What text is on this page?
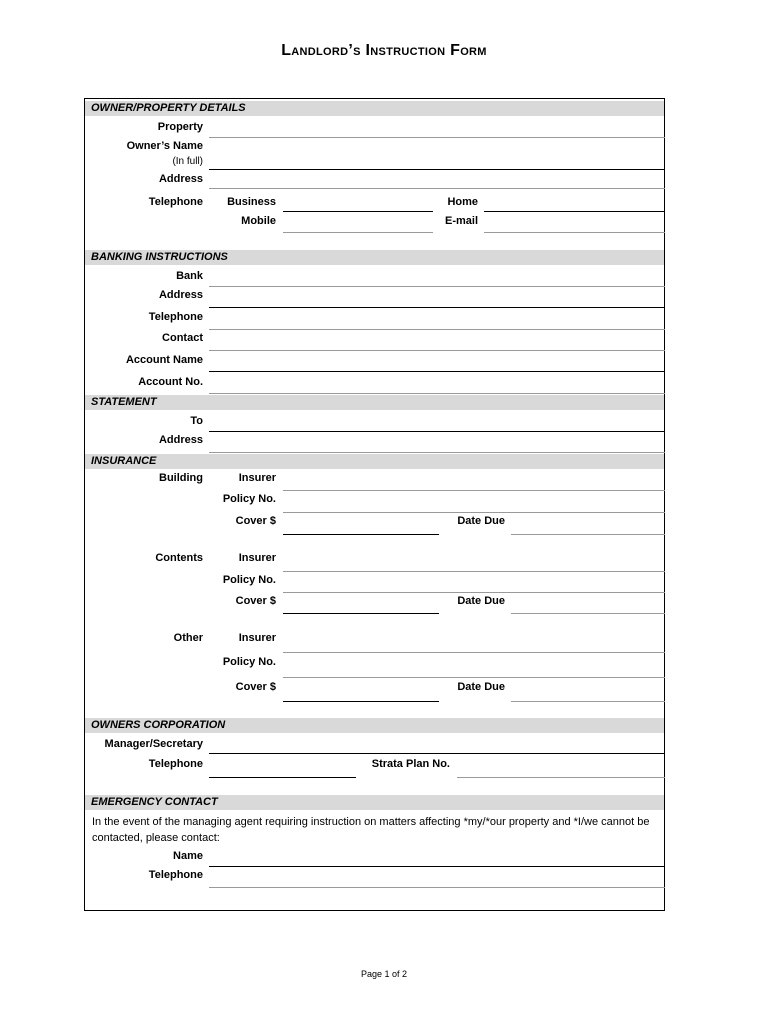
Landlord’s Instruction Form
OWNER/PROPERTY DETAILS
Property
Owner’s Name
(In full)
Address
Telephone Business	Home
Mobile	E-mail
BANKING INSTRUCTIONS
Bank
Address
Telephone
Contact
Account Name
Account No.
STATEMENT
To
Address
INSURANCE
Building	Insurer
Policy No.
Cover $	Date Due
Contents	Insurer
Policy No.
Cover $	Date Due
Other	Insurer
Policy No.
Cover $	Date Due
OWNERS CORPORATION
Manager/Secretary
Telephone	Strata Plan No.
EMERGENCY CONTACT
In the event of the managing agent requiring instruction on matters affecting *my/*our property and *I/we cannot be contacted, please contact:
Name
Telephone
Page 1 of 2
